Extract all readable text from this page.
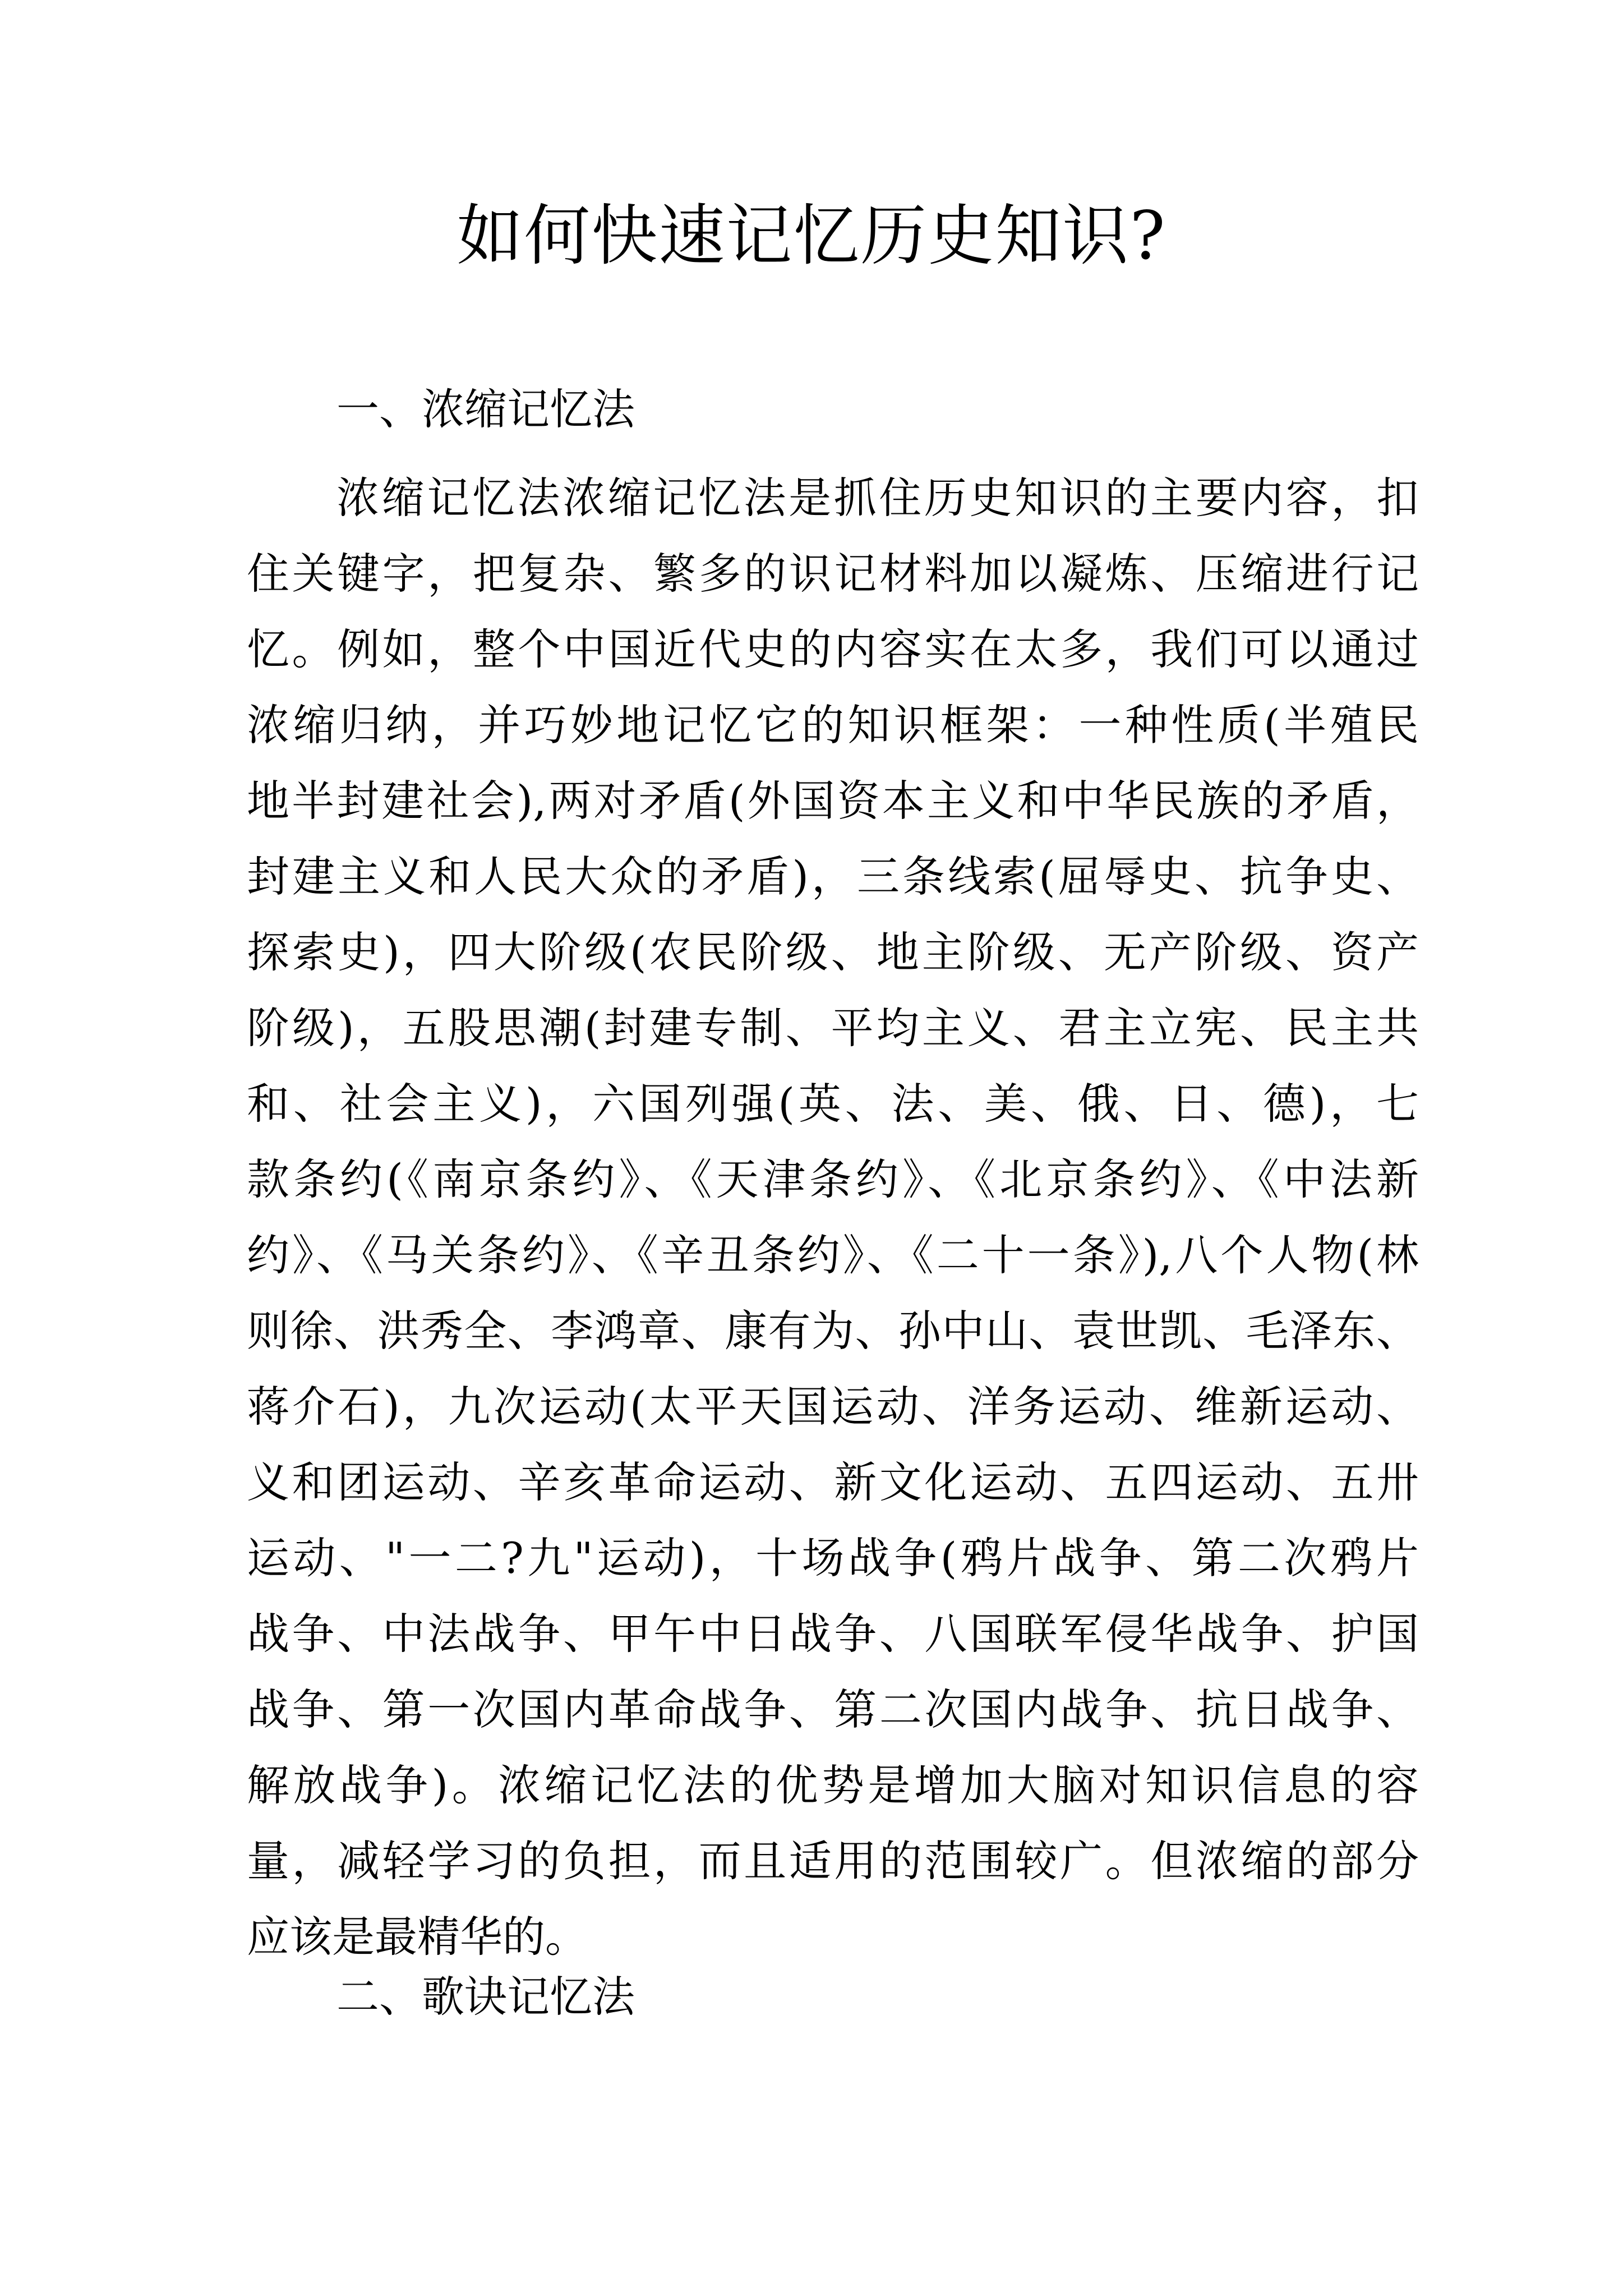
如何快速记忆历史知识?

一、浓缩记忆法

浓缩记忆法浓缩记忆法是抓住历史知识的主要内容，扣
住关键字，把复杂、繁多的识记材料加以凝炼、压缩进行记
忆。例如，整个中国近代史的内容实在太多，我们可以通过
浓缩归纳，并巧妙地记忆它的知识框架：一种性质(半殖民
地半封建社会),两对矛盾(外国资本主义和中华民族的矛盾，
封建主义和人民大众的矛盾)，三条线索(屈辱史、抗争史、
探索史)，四大阶级(农民阶级、地主阶级、无产阶级、资产
阶级)，五股思潮(封建专制、平均主义、君主立宪、民主共
和、社会主义)，六国列强(英、法、美、俄、日、德)，七
款条约(《南京条约》、《天津条约》、《北京条约》、《中法新
约》、《马关条约》、《辛丑条约》、《二十一条》),八个人物(林
则徐、洪秀全、李鸿章、康有为、孙中山、袁世凯、毛泽东、
蒋介石)，九次运动(太平天国运动、洋务运动、维新运动、
义和团运动、辛亥革命运动、新文化运动、五四运动、五卅
运动、"一二?九"运动)，十场战争(鸦片战争、第二次鸦片
战争、中法战争、甲午中日战争、八国联军侵华战争、护国
战争、第一次国内革命战争、第二次国内战争、抗日战争、
解放战争)。浓缩记忆法的优势是增加大脑对知识信息的容
量，减轻学习的负担，而且适用的范围较广。但浓缩的部分
应该是最精华的。

二、歌诀记忆法
